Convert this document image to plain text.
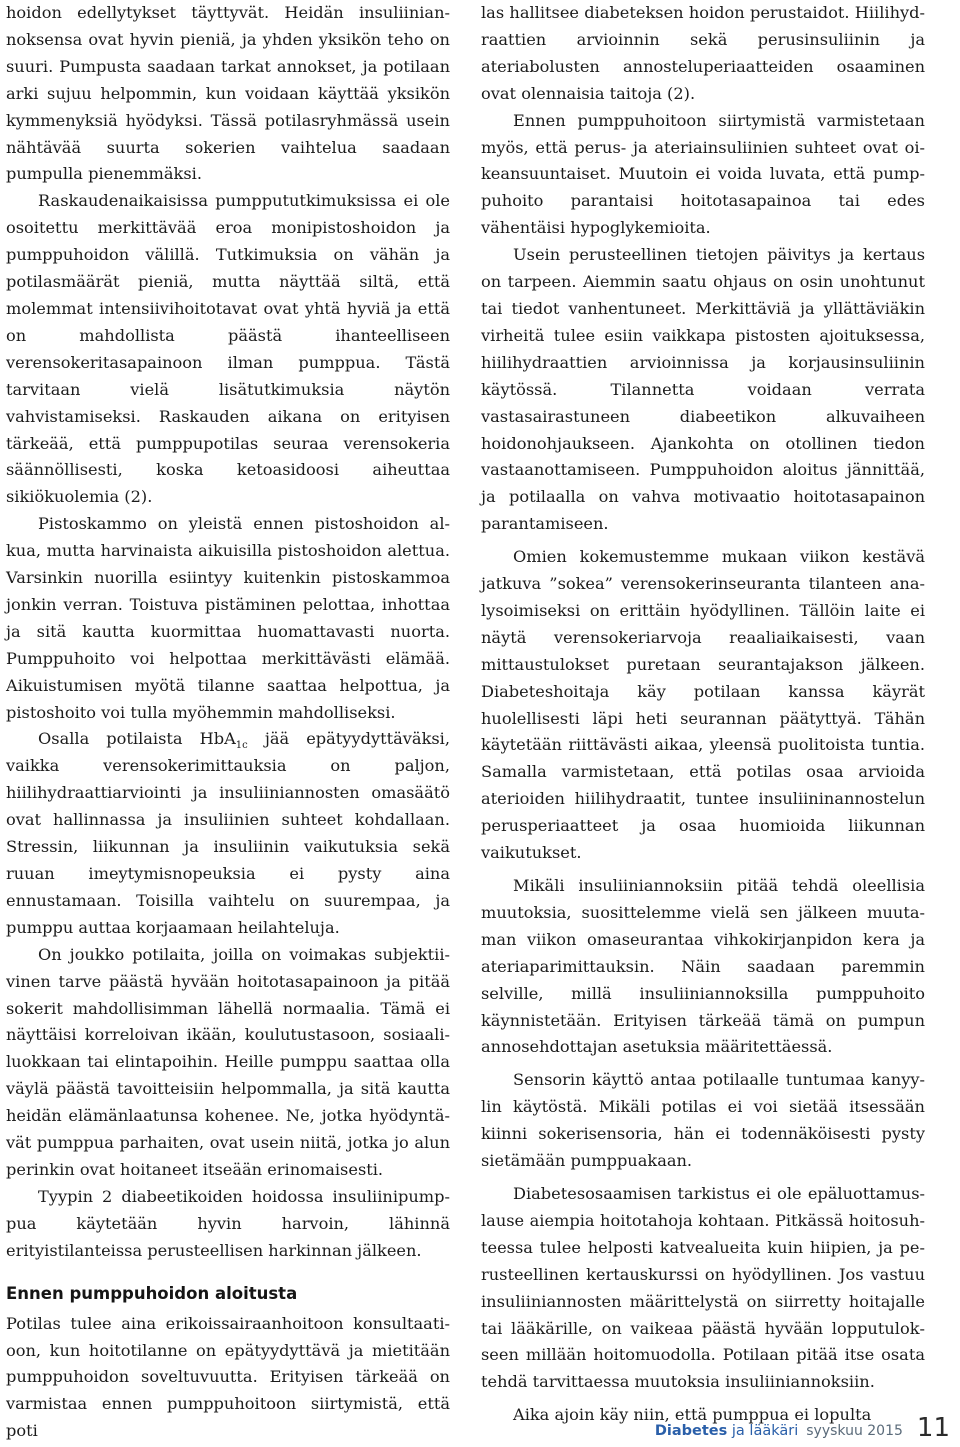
hoidon edellytykset täyttyvät. Heidän insuliiniannoksensa ovat hyvin pieniä, ja yhden yksikön teho on suuri. Pumpusta saadaan tarkat annokset, ja potilaan arki sujuu helpommin, kun voidaan käyttää yksikön kymmenyksiä hyödyksi. Tässä potilasryhmässä usein nähtävää suurta sokerien vaihtelua saadaan pumpulla pienemmäksi.

Raskaudenaikaisissa pumppututkimuksissa ei ole osoitettu merkittävää eroa monipistoshoidon ja pumppuhoidon välillä. Tutkimuksia on vähän ja potilasmäärät pieniä, mutta näyttää siltä, että molemmat intensiivihoitotavat ovat yhtä hyviä ja että on mahdollista päästä ihanteelliseen verensokeritasapainoon ilman pumppua. Tästä tarvitaan vielä lisätutkimuksia näytön vahvistamiseksi. Raskauden aikana on erityisen tärkeää, että pumppupotilas seuraa verensokeria säännöllisesti, koska ketoasidoosi aiheuttaa sikiökuolemia (2).

Pistoskammo on yleistä ennen pistoshoidon alkua, mutta harvinaista aikuisilla pistoshoidon alettua. Varsinkin nuorilla esiintyy kuitenkin pistoskammoa jonkin verran. Toistuva pistäminen pelottaa, inhottaa ja sitä kautta kuormittaa huomattavasti nuorta. Pumppuhoito voi helpottaa merkittävästi elämää. Aikuistumisen myötä tilanne saattaa helpottua, ja pistoshoito voi tulla myöhemmin mahdolliseksi.

Osalla potilaista HbA$_{1c}$ jää epätyydyttäväksi, vaikka verensokerimittauksia on paljon, hiilihydraattiarviointi ja insuliiniannosten omasäätö ovat hallinnassa ja insuliinien suhteet kohdallaan. Stressin, liikunnan ja insuliinin vaikutuksia sekä ruuan imeytymisnopeuksia ei pysty aina ennustamaan. Toisilla vaihtelu on suurempaa, ja pumppu auttaa korjaamaan heilahteluja.

On joukko potilaita, joilla on voimakas subjektiivinen tarve päästä hyvään hoitotasapainoon ja pitää sokerit mahdollisimman lähellä normaalia. Tämä ei näyttäisi korreloivan ikään, koulutustasoon, sosiaaliluokkaan tai elintapoihin. Heille pumppu saattaa olla väylä päästä tavoitteisiin helpommalla, ja sitä kautta heidän elämänlaatunsa kohenee. Ne, jotka hyödyntävät pumppua parhaiten, ovat usein niitä, jotka jo alun perinkin ovat hoitaneet itseään erinomaisesti.

Tyypin 2 diabeetikoiden hoidossa insuliinipumppua käytetään hyvin harvoin, lähinnä erityistilanteissa perusteellisen harkinnan jälkeen.

Ennen pumppuhoidon aloitusta

Potilas tulee aina erikoissairaanhoitoon konsultaatioon, kun hoitotilanne on epätyydyttävä ja mietitään pumppuhoidon soveltuvuutta. Erityisen tärkeää on varmistaa ennen pumppuhoitoon siirtymistä, että poti

las hallitsee diabeteksen hoidon perustaidot. Hiilihydraattien arvioinnin sekä perusinsuliinin ja ateriabolusten annosteluperiaatteiden osaaminen ovat olennaisia taitoja (2).

Ennen pumppuhoitoon siirtymistä varmistetaan myös, että perus- ja ateriainsuliinien suhteet ovat oikeansuuntaiset. Muutoin ei voida luvata, että pumppuhoito parantaisi hoitotasapainoa tai edes vähentäisi hypoglykemioita.

Usein perusteellinen tietojen päivitys ja kertaus on tarpeen. Aiemmin saatu ohjaus on osin unohtunut tai tiedot vanhentuneet. Merkittäviä ja yllättäviäkin virheitä tulee esiin vaikkapa pistosten ajoituksessa, hiilihydraattien arvioinnissa ja korjausinsuliinin käytössä. Tilannetta voidaan verrata vastasairastuneen diabeetikon alkuvaiheen hoidonohjaukseen. Ajankohta on otollinen tiedon vastaanottamiseen. Pumppuhoidon aloitus jännittää, ja potilaalla on vahva motivaatio hoitotasapainon parantamiseen.

Omien kokemustemme mukaan viikon kestävä jatkuva ”sokea” verensokerinseuranta tilanteen analysoimiseksi on erittäin hyödyllinen. Tällöin laite ei näytä verensokeriarvoja reaaliaikaisesti, vaan mittaustulokset puretaan seurantajakson jälkeen. Diabeteshoitaja käy potilaan kanssa käyrät huolellisesti läpi heti seurannan päätyttyä. Tähän käytetään riittävästi aikaa, yleensä puolitoista tuntia. Samalla varmistetaan, että potilas osaa arvioida aterioiden hiilihydraatit, tuntee insuliininannostelun perusperiaatteet ja osaa huomioida liikunnan vaikutukset.

Mikäli insuliiniannoksiin pitää tehdä oleellisia muutoksia, suosittelemme vielä sen jälkeen muutaman viikon omaseurantaa vihkokirjanpidon kera ja ateriaparimittauksin. Näin saadaan paremmin selville, millä insuliiniannoksilla pumppuhoito käynnistetään. Erityisen tärkeää tämä on pumpun annosehdottajan asetuksia määritettäessä.

Sensorin käyttö antaa potilaalle tuntumaa kanyylin käytöstä. Mikäli potilas ei voi sietää itsessään kiinni sokerisensoria, hän ei todennäköisesti pysty sietämään pumppuakaan.

Diabetesosaamisen tarkistus ei ole epäluottamuslause aiempia hoitotahoja kohtaan. Pitkässä hoitosuhteessa tulee helposti katvealueita kuin hiipien, ja perusteellinen kertauskurssi on hyödyllinen. Jos vastuu insuliiniannosten määrittelystä on siirretty hoitajalle tai lääkärille, on vaikeaa päästä hyvään lopputulokseen millään hoitomuodolla. Potilaan pitää itse osata tehdä tarvittaessa muutoksia insuliiniannoksiin.

Aika ajoin käy niin, että pumppua ei lopulta

Diabetes ja lääkäri syyskuu 2015 11
